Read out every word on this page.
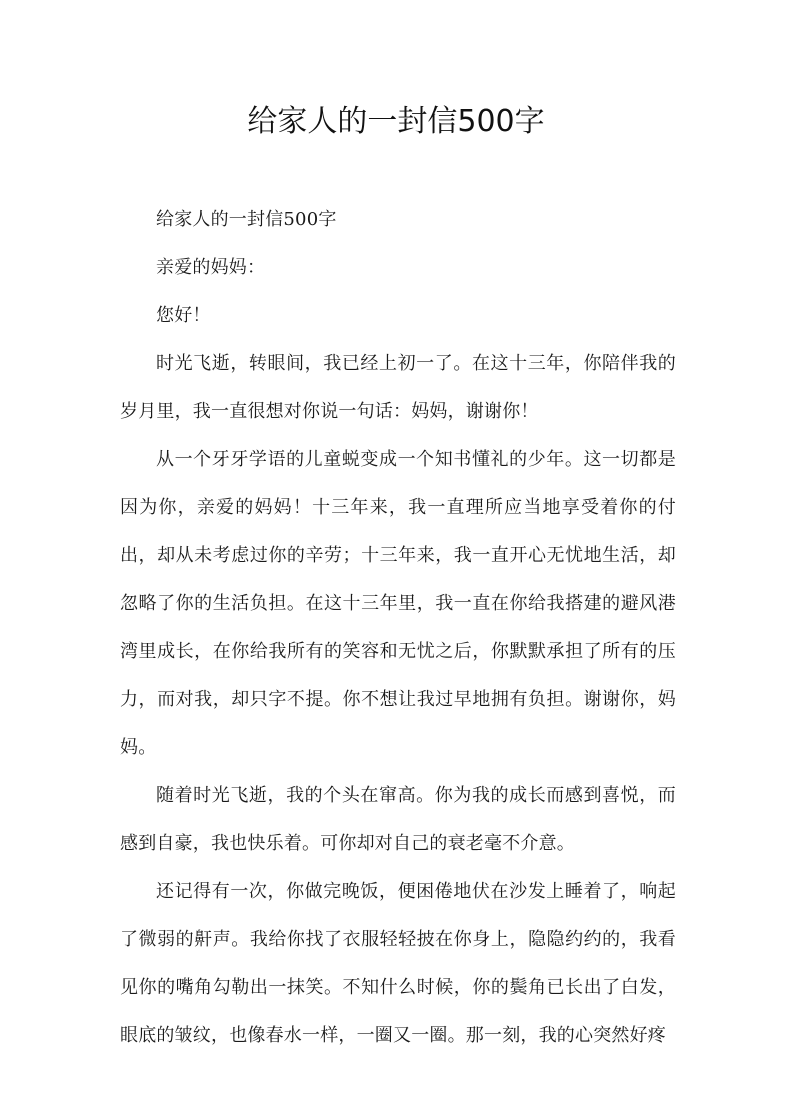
给家人的一封信500字

给家人的一封信500字

亲爱的妈妈：

您好！

时光飞逝，转眼间，我已经上初一了。在这十三年，你陪伴我的岁月里，我一直很想对你说一句话：妈妈，谢谢你！

从一个牙牙学语的儿童蜕变成一个知书懂礼的少年。这一切都是因为你，亲爱的妈妈！十三年来，我一直理所应当地享受着你的付出，却从未考虑过你的辛劳；十三年来，我一直开心无忧地生活，却忽略了你的生活负担。在这十三年里，我一直在你给我搭建的避风港湾里成长，在你给我所有的笑容和无忧之后，你默默承担了所有的压力，而对我，却只字不提。你不想让我过早地拥有负担。谢谢你，妈妈。

随着时光飞逝，我的个头在窜高。你为我的成长而感到喜悦，而感到自豪，我也快乐着。可你却对自己的衰老毫不介意。

还记得有一次，你做完晚饭，便困倦地伏在沙发上睡着了，响起了微弱的鼾声。我给你找了衣服轻轻披在你身上，隐隐约约的，我看见你的嘴角勾勒出一抹笑。不知什么时候，你的鬓角已长出了白发，眼底的皱纹，也像春水一样，一圈又一圈。那一刻，我的心突然好疼
